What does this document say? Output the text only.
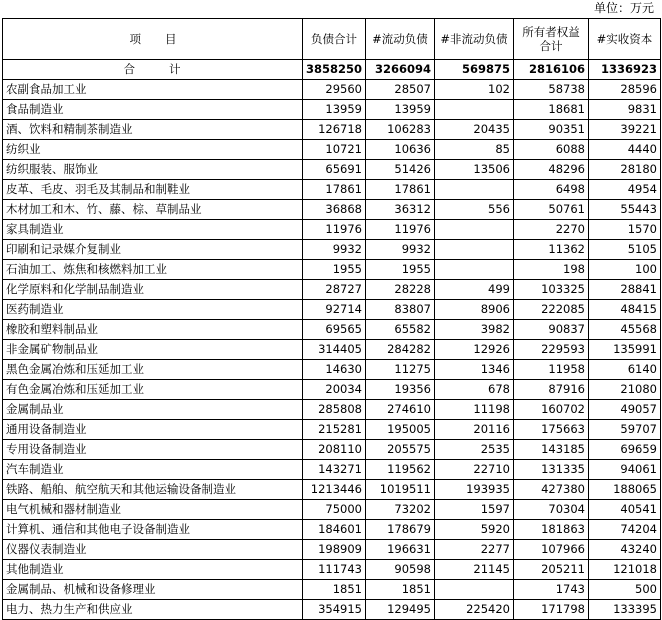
单位：万元
项目	负债合计	#流动负债	#非流动负债	所有者权益合计	#实收资本
合计	3858250	3266094	569875	2816106	1336923
农副食品加工业	29560	28507	102	58738	28596
食品制造业	13959	13959		18681	9831
酒、饮料和精制茶制造业	126718	106283	20435	90351	39221
纺织业	10721	10636	85	6088	4440
纺织服装、服饰业	65691	51426	13506	48296	28180
皮革、毛皮、羽毛及其制品和制鞋业	17861	17861		6498	4954
木材加工和木、竹、藤、棕、草制品业	36868	36312	556	50761	55443
家具制造业	11976	11976		2270	1570
印刷和记录媒介复制业	9932	9932		11362	5105
石油加工、炼焦和核燃料加工业	1955	1955		198	100
化学原料和化学制品制造业	28727	28228	499	103325	28841
医药制造业	92714	83807	8906	222085	48415
橡胶和塑料制品业	69565	65582	3982	90837	45568
非金属矿物制品业	314405	284282	12926	229593	135991
黑色金属冶炼和压延加工业	14630	11275	1346	11958	6140
有色金属冶炼和压延加工业	20034	19356	678	87916	21080
金属制品业	285808	274610	11198	160702	49057
通用设备制造业	215281	195005	20116	175663	59707
专用设备制造业	208110	205575	2535	143185	69659
汽车制造业	143271	119562	22710	131335	94061
铁路、船舶、航空航天和其他运输设备制造业	1213446	1019511	193935	427380	188065
电气机械和器材制造业	75000	73202	1597	70304	40541
计算机、通信和其他电子设备制造业	184601	178679	5920	181863	74204
仪器仪表制造业	198909	196631	2277	107966	43240
其他制造业	111743	90598	21145	205211	121018
金属制品、机械和设备修理业	1851	1851		1743	500
电力、热力生产和供应业	354915	129495	225420	171798	133395
